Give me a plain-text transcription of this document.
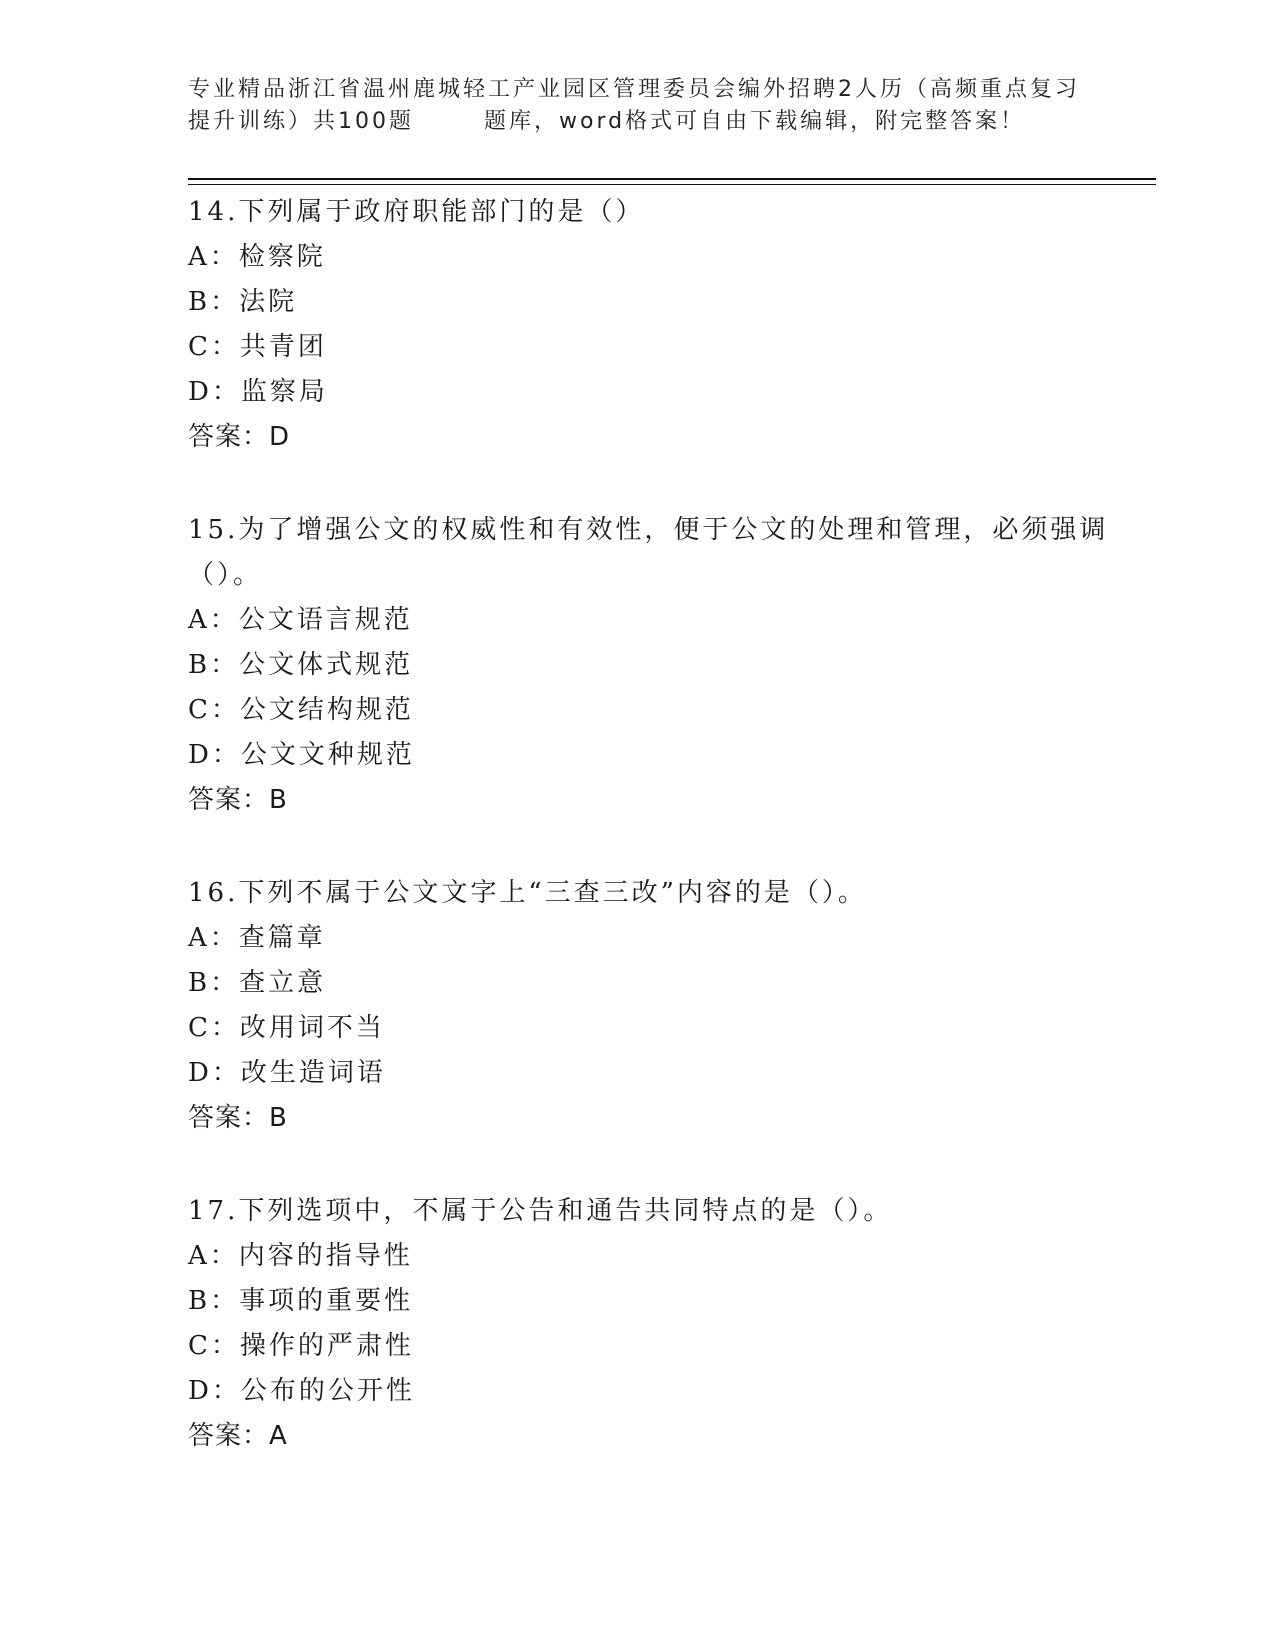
专业精品浙江省温州鹿城轻工产业园区管理委员会编外招聘2人历（高频重点复习
提升训练）共100题	题库，word格式可自由下载编辑，附完整答案！

14.下列属于政府职能部门的是（）

A：检察院
B：法院
C：共青团
D：监察局
答案：D

15.为了增强公文的权威性和有效性，便于公文的处理和管理，必须强调（）。

A：公文语言规范
B：公文体式规范
C：公文结构规范
D：公文文种规范
答案：B

16.下列不属于公文文字上“三查三改”内容的是（）。

A：查篇章
B：查立意
C：改用词不当
D：改生造词语
答案：B

17.下列选项中，不属于公告和通告共同特点的是（）。

A：内容的指导性
B：事项的重要性
C：操作的严肃性
D：公布的公开性
答案：A
